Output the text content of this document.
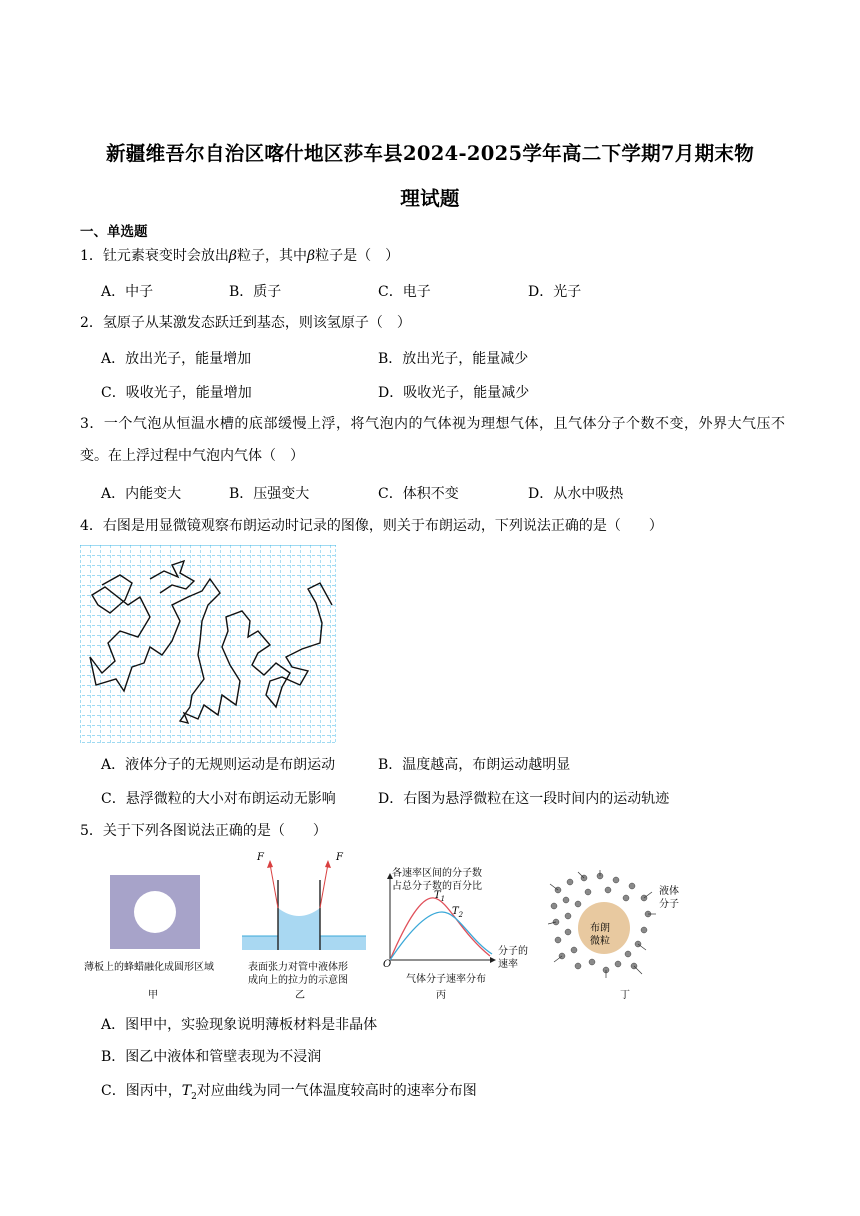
新疆维吾尔自治区喀什地区莎车县2024-2025学年高二下学期7月期末物
理试题
一、单选题
1．钍元素衰变时会放出β粒子，其中β粒子是（　）
A．中子	B．质子	C．电子	D．光子
2．氢原子从某激发态跃迁到基态，则该氢原子（　）
A．放出光子，能量增加	B．放出光子，能量减少
C．吸收光子，能量增加	D．吸收光子，能量减少
3．一个气泡从恒温水槽的底部缓慢上浮，将气泡内的气体视为理想气体，且气体分子个数不变，外界大气压不变。在上浮过程中气泡内气体（　）
A．内能变大	B．压强变大	C．体积不变	D．从水中吸热
4．右图是用显微镜观察布朗运动时记录的图像，则关于布朗运动，下列说法正确的是（　　）
A．液体分子的无规则运动是布朗运动	B．温度越高，布朗运动越明显
C．悬浮微粒的大小对布朗运动无影响	D．右图为悬浮微粒在这一段时间内的运动轨迹
5．关于下列各图说法正确的是（　　）
薄板上的蜂蜡融化成圆形区域
甲
F	F
表面张力对管中液体形
成向上的拉力的示意图
乙
各速率区间的分子数
占总分子数的百分比
$T_1$
$T_2$
分子的
速率
O
气体分子速率分布
丙
布朗
微粒
液体
分子
丁
A．图甲中，实验现象说明薄板材料是非晶体
B．图乙中液体和管壁表现为不浸润
C．图丙中，$T_2$对应曲线为同一气体温度较高时的速率分布图
